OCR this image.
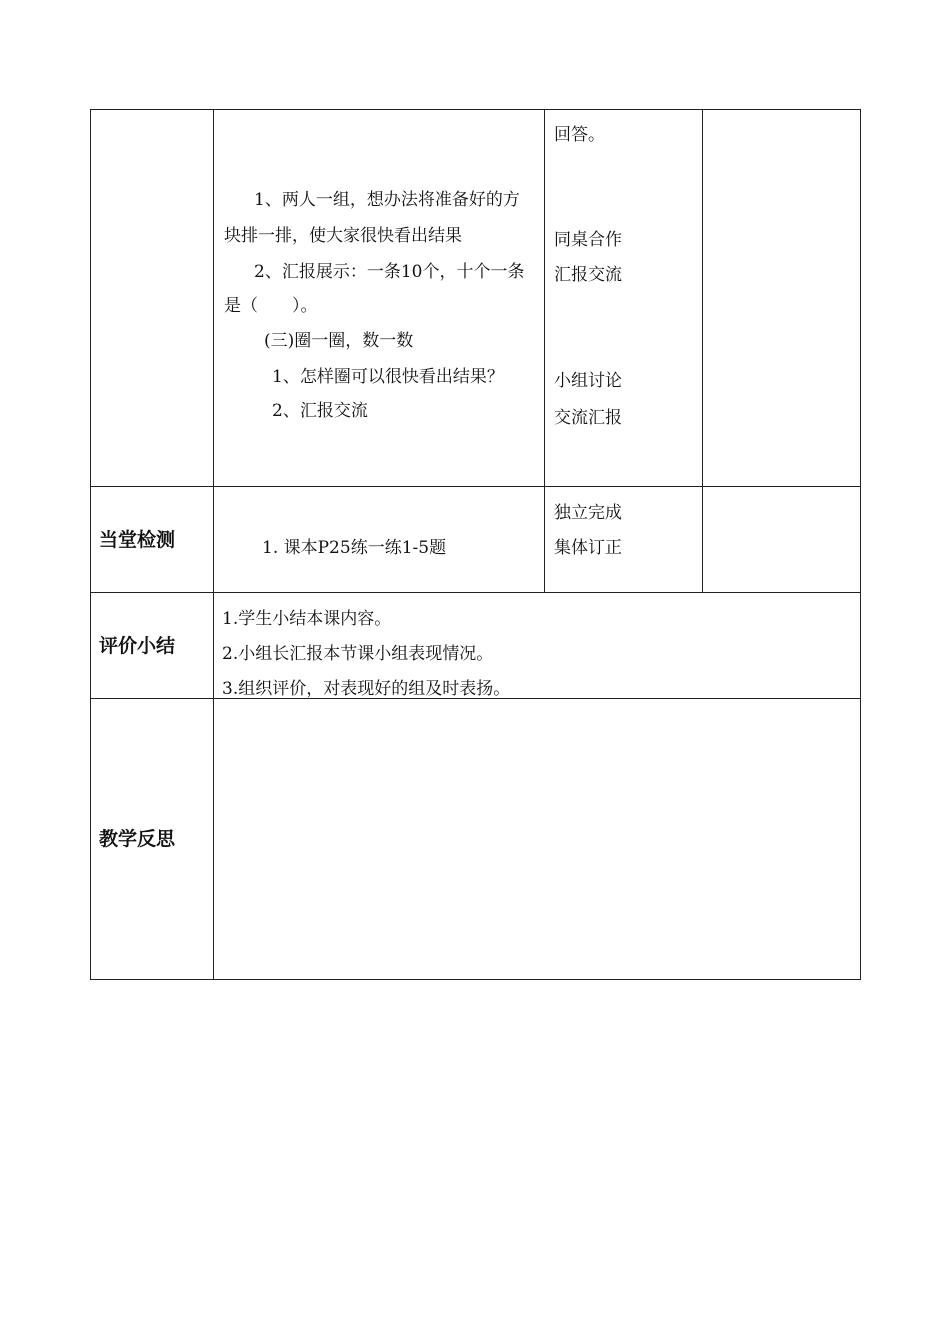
1、两人一组，想办法将准备好的方
块排一排，使大家很快看出结果
2、汇报展示：一条10个，十个一条
是（　　）。
(三)圈一圈，数一数
1、怎样圈可以很快看出结果？
2、汇报交流
回答。
同桌合作
汇报交流
小组讨论
交流汇报
当堂检测	1. 课本P25练一练1-5题
独立完成
集体订正
评价小结
1.学生小结本课内容。
2.小组长汇报本节课小组表现情况。
3.组织评价，对表现好的组及时表扬。
教学反思
